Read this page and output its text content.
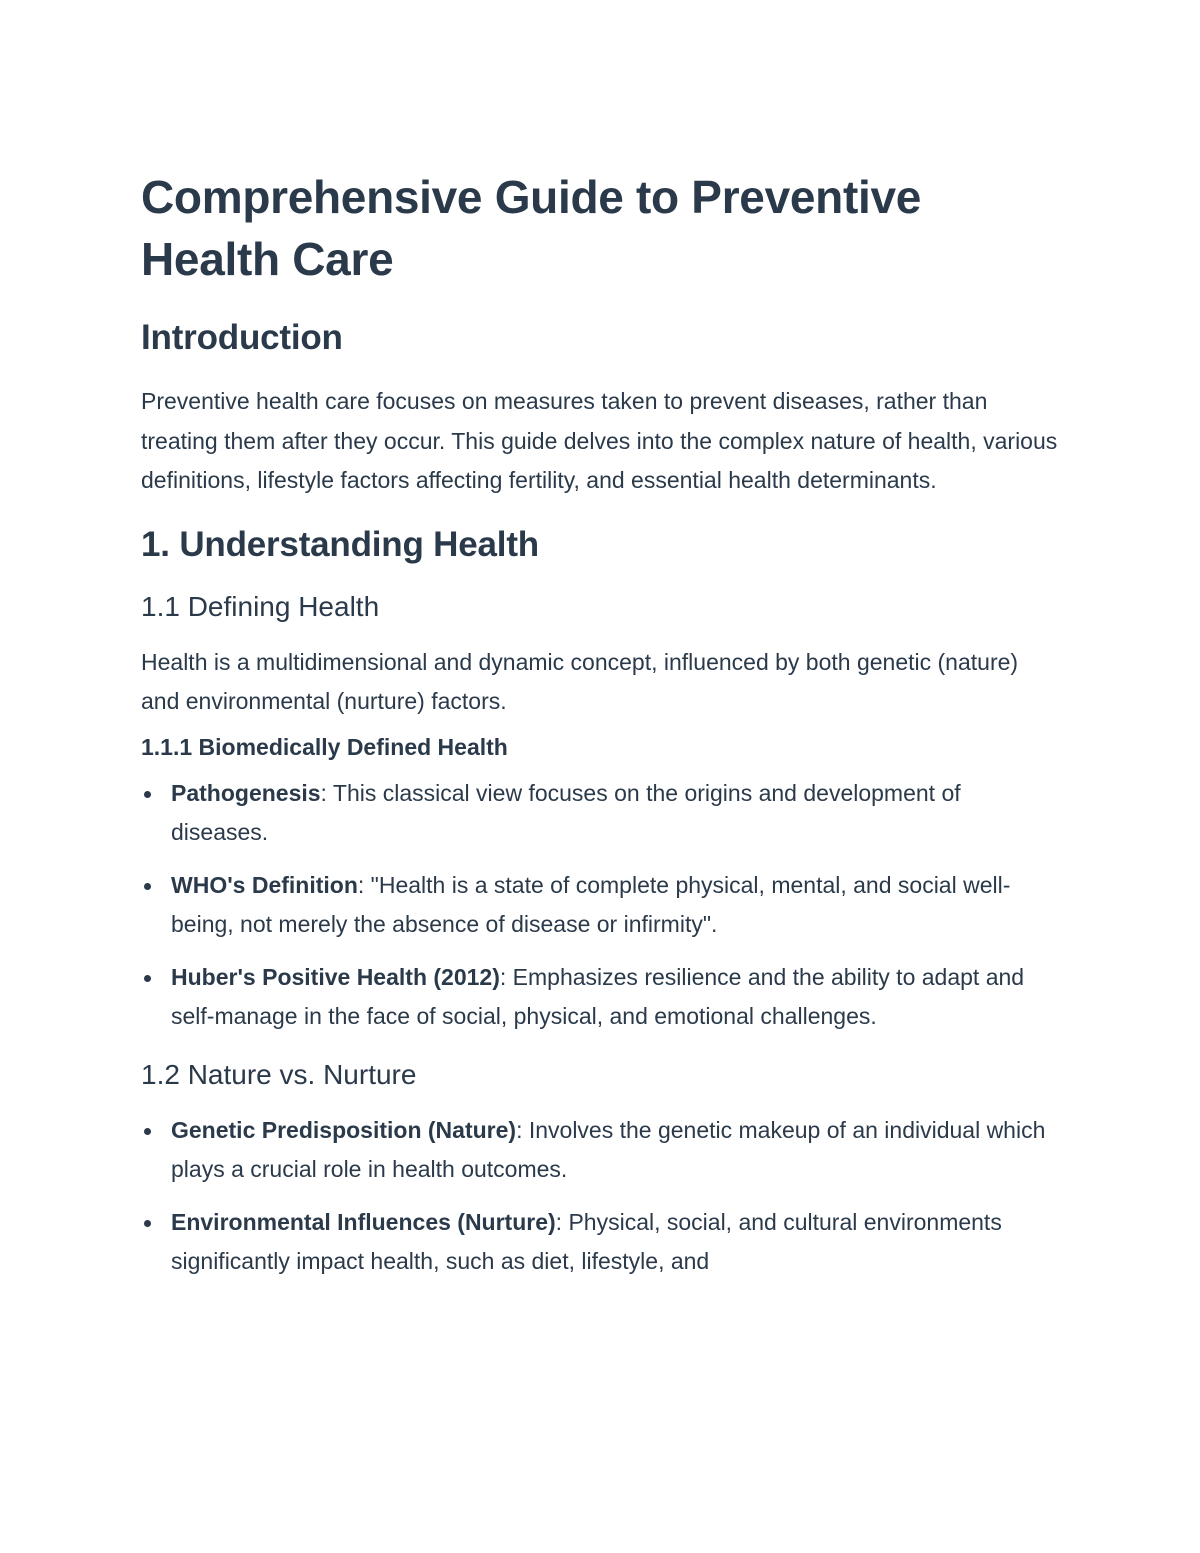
Comprehensive Guide to Preventive Health Care
Introduction

Preventive health care focuses on measures taken to prevent diseases, rather than treating them after they occur. This guide delves into the complex nature of health, various definitions, lifestyle factors affecting fertility, and essential health determinants.

1. Understanding Health
1.1 Defining Health

Health is a multidimensional and dynamic concept, influenced by both genetic (nature) and environmental (nurture) factors.

1.1.1 Biomedically Defined Health
Pathogenesis: This classical view focuses on the origins and development of diseases.
WHO's Definition: "Health is a state of complete physical, mental, and social well-being, not merely the absence of disease or infirmity".
Huber's Positive Health (2012): Emphasizes resilience and the ability to adapt and self-manage in the face of social, physical, and emotional challenges.
1.2 Nature vs. Nurture
Genetic Predisposition (Nature): Involves the genetic makeup of an individual which plays a crucial role in health outcomes.
Environmental Influences (Nurture): Physical, social, and cultural environments significantly impact health, such as diet, lifestyle, and
